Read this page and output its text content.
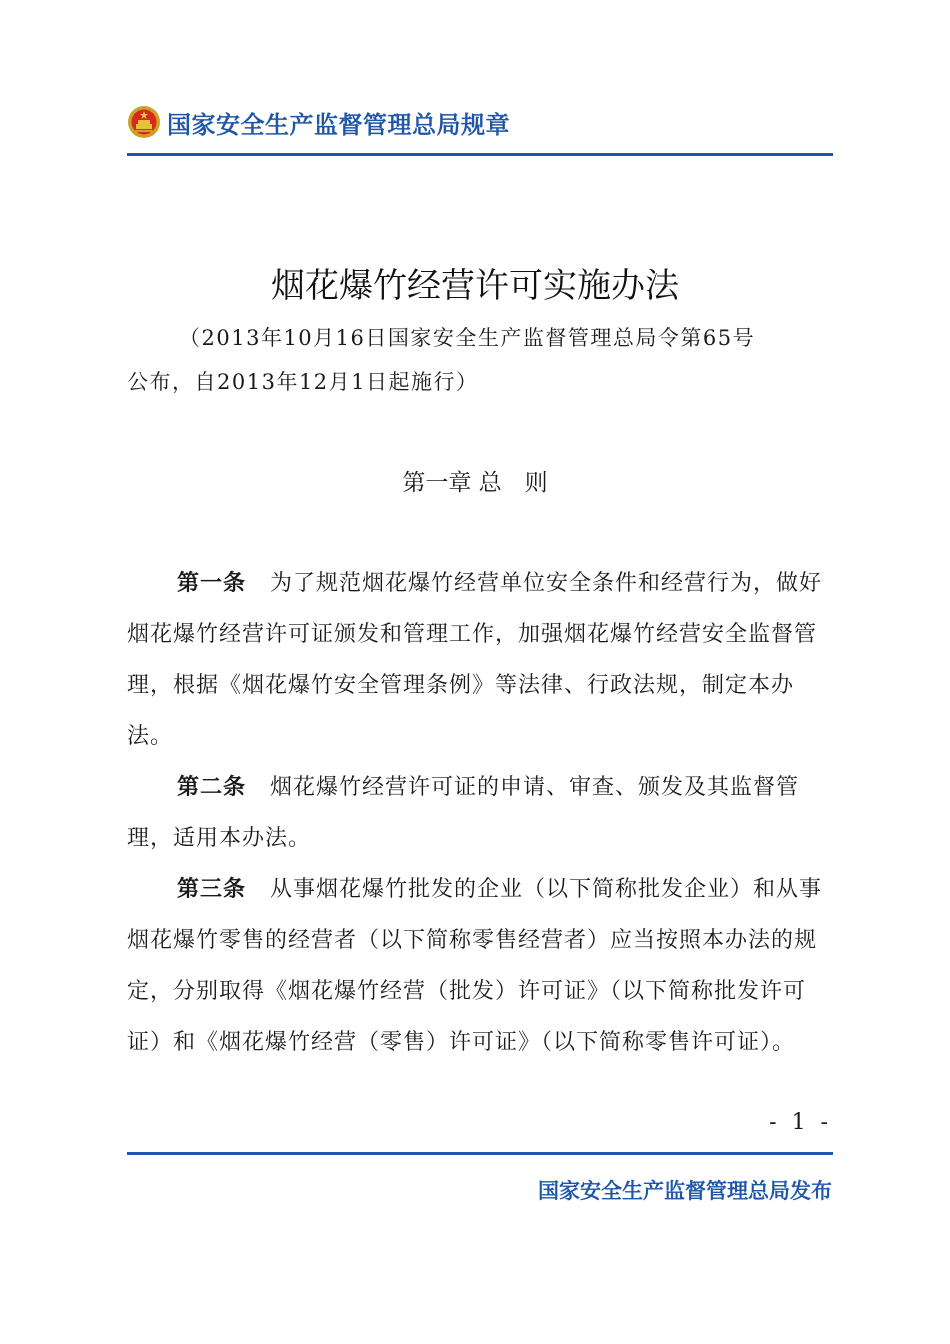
国家安全生产监督管理总局规章
烟花爆竹经营许可实施办法

（2013年10月16日国家安全生产监督管理总局令第65号

公布，自2013年12月1日起施行）

第一章 总　则

第一条 为了规范烟花爆竹经营单位安全条件和经营行为，做好烟花爆竹经营许可证颁发和管理工作，加强烟花爆竹经营安全监督管理，根据《烟花爆竹安全管理条例》等法律、行政法规，制定本办法。

第二条 烟花爆竹经营许可证的申请、审查、颁发及其监督管理，适用本办法。

第三条 从事烟花爆竹批发的企业（以下简称批发企业）和从事烟花爆竹零售的经营者（以下简称零售经营者）应当按照本办法的规定，分别取得《烟花爆竹经营（批发）许可证》（以下简称批发许可证）和《烟花爆竹经营（零售）许可证》（以下简称零售许可证）。

- 1 -
国家安全生产监督管理总局发布
